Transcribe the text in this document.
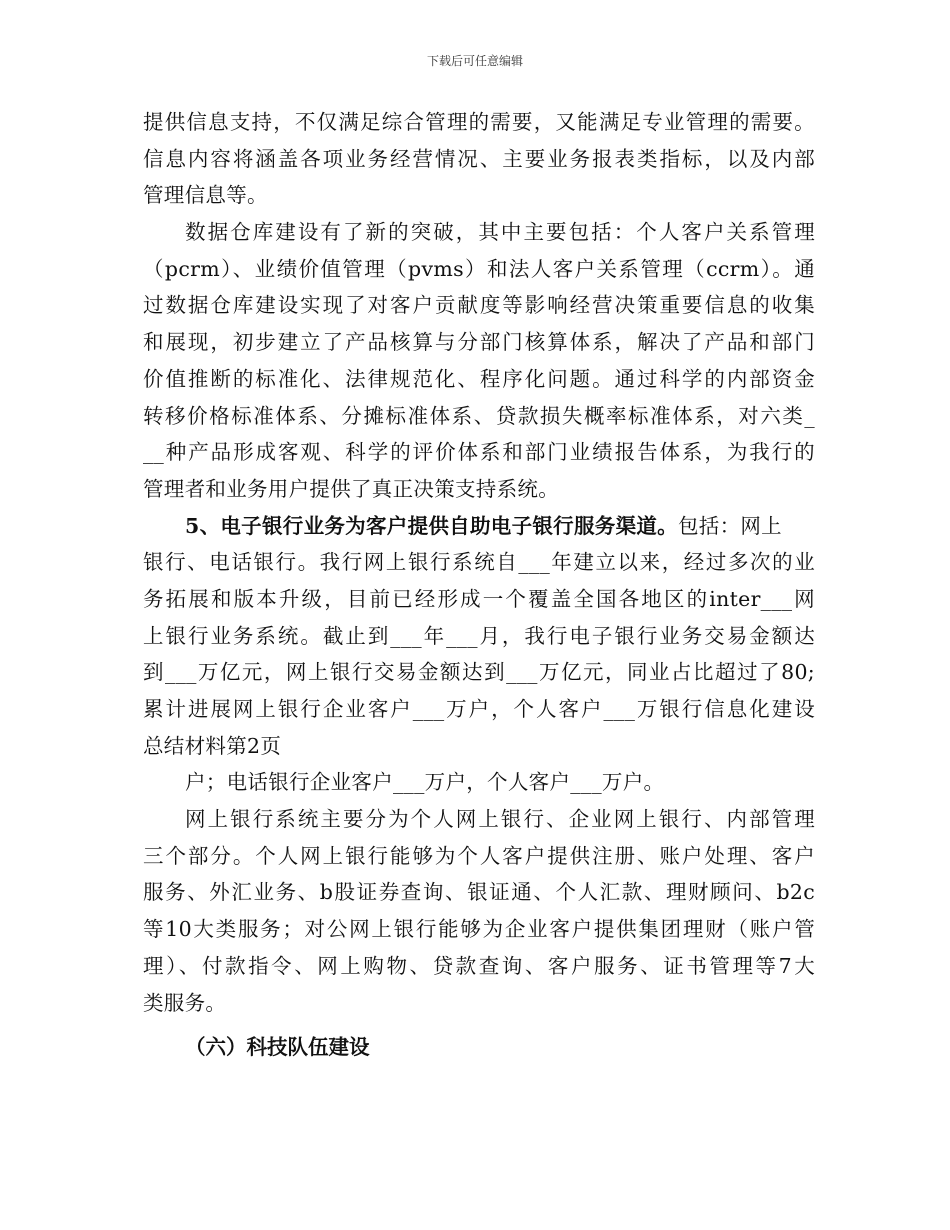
下载后可任意编辑
提供信息支持，不仅满足综合管理的需要，又能满足专业管理的需要。
信息内容将涵盖各项业务经营情况、主要业务报表类指标，以及内部
管理信息等。
数据仓库建设有了新的突破，其中主要包括：个人客户关系管理
（pcrm）、业绩价值管理（pvms）和法人客户关系管理（ccrm）。通
过数据仓库建设实现了对客户贡献度等影响经营决策重要信息的收集
和展现，初步建立了产品核算与分部门核算体系，解决了产品和部门
价值推断的标准化、法律规范化、程序化问题。通过科学的内部资金
转移价格标准体系、分摊标准体系、贷款损失概率标准体系，对六类_
__种产品形成客观、科学的评价体系和部门业绩报告体系，为我行的
管理者和业务用户提供了真正决策支持系统。
5、电子银行业务为客户提供自助电子银行服务渠道。包括：网上
银行、电话银行。我行网上银行系统自___年建立以来，经过多次的业
务拓展和版本升级，目前已经形成一个覆盖全国各地区的inter___网
上银行业务系统。截止到___年___月，我行电子银行业务交易金额达
到___万亿元，网上银行交易金额达到___万亿元，同业占比超过了80;
累计进展网上银行企业客户___万户，个人客户___万银行信息化建设
总结材料第2页
户；电话银行企业客户___万户，个人客户___万户。
网上银行系统主要分为个人网上银行、企业网上银行、内部管理
三个部分。个人网上银行能够为个人客户提供注册、账户处理、客户
服务、外汇业务、b股证券查询、银证通、个人汇款、理财顾问、b2c
等10大类服务；对公网上银行能够为企业客户提供集团理财（账户管
理）、付款指令、网上购物、贷款查询、客户服务、证书管理等7大
类服务。
（六）科技队伍建设
